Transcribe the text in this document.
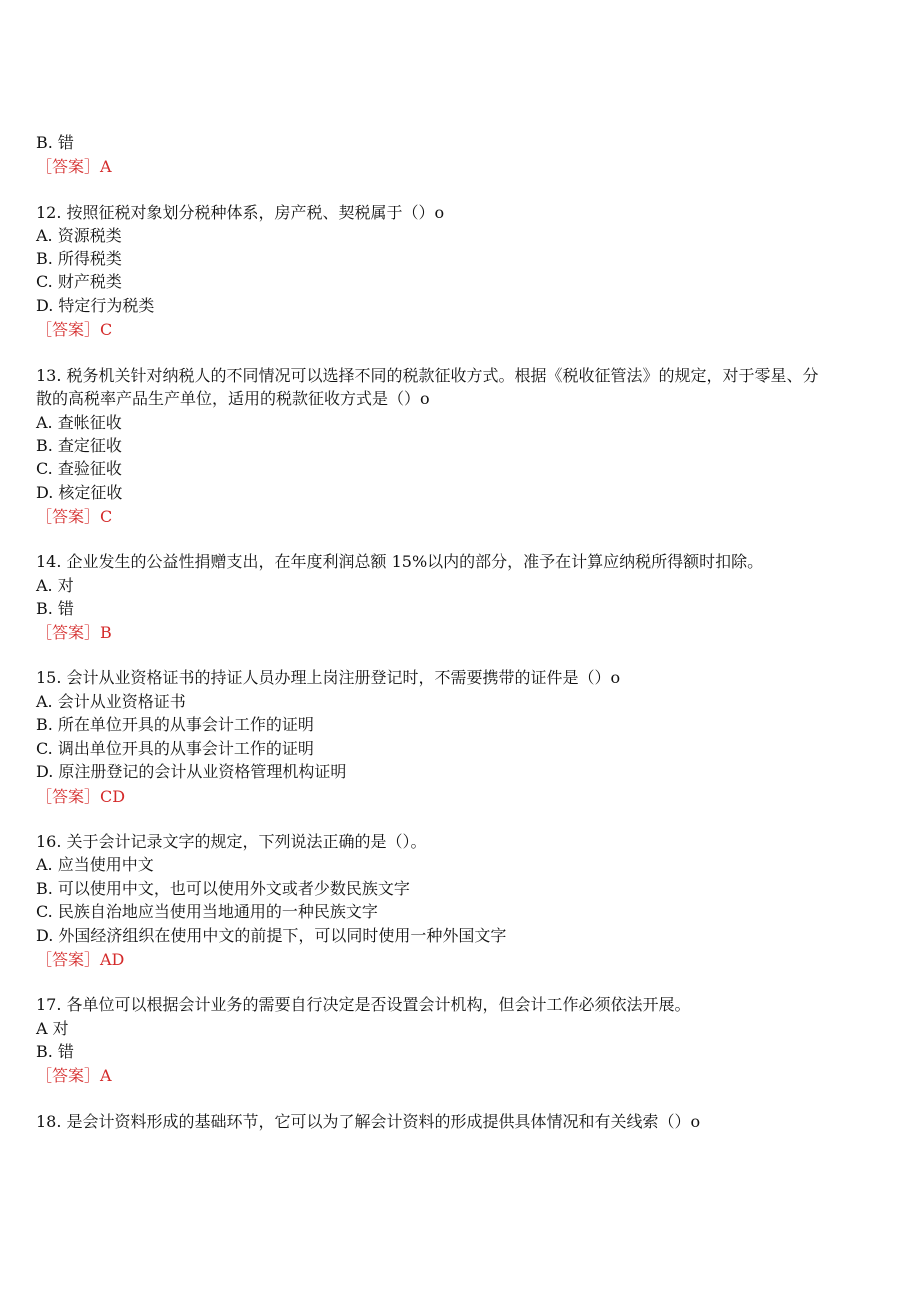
B. 错
［答案］A
12. 按照征税对象划分税种体系，房产税、契税属于（）o
A. 资源税类
B. 所得税类
C. 财产税类
D. 特定行为税类
［答案］C
13. 税务机关针对纳税人的不同情况可以选择不同的税款征收方式。根据《税收征管法》的规定，对于零星、分
散的高税率产品生产单位，适用的税款征收方式是（）o
A. 查帐征收
B. 查定征收
C. 查验征收
D. 核定征收
［答案］C
14. 企业发生的公益性捐赠支出，在年度利润总额 15%以内的部分，准予在计算应纳税所得额时扣除。
A. 对
B. 错
［答案］B
15. 会计从业资格证书的持证人员办理上岗注册登记时，不需要携带的证件是（）o
A. 会计从业资格证书
B. 所在单位开具的从事会计工作的证明
C. 调出单位开具的从事会计工作的证明
D. 原注册登记的会计从业资格管理机构证明
［答案］CD
16. 关于会计记录文字的规定，下列说法正确的是（）。
A. 应当使用中文
B. 可以使用中文，也可以使用外文或者少数民族文字
C. 民族自治地应当使用当地通用的一种民族文字
D. 外国经济组织在使用中文的前提下，可以同时使用一种外国文字
［答案］AD
17. 各单位可以根据会计业务的需要自行决定是否设置会计机构，但会计工作必须依法开展。
A 对
B. 错
［答案］A
18. 是会计资料形成的基础环节，它可以为了解会计资料的形成提供具体情况和有关线索（）o
